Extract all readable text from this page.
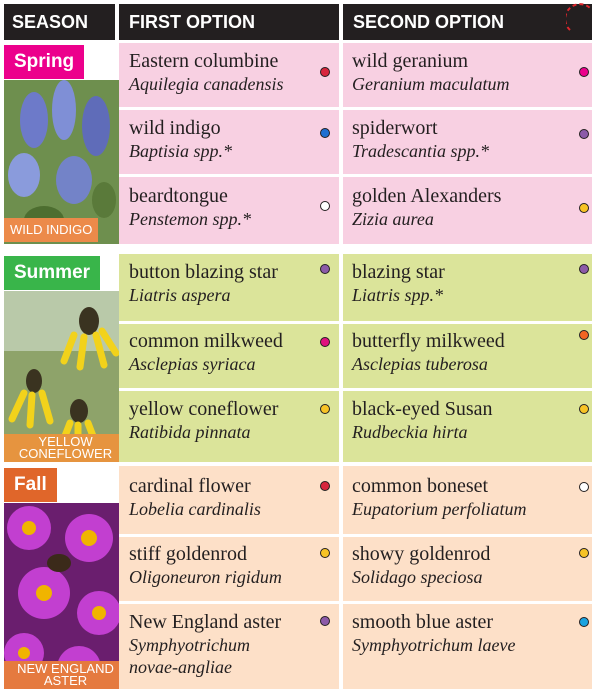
SEASON	FIRST OPTION	SECOND OPTION
Spring
WILD INDIGO
Summer
YELLOW CONEFLOWER
Fall
NEW ENGLAND ASTER
Eastern columbine
Aquilegia canadensis
wild geranium
Geranium maculatum
wild indigo
Baptisia spp.*
spiderwort
Tradescantia spp.*
beardtongue
Penstemon spp.*
golden Alexanders
Zizia aurea
button blazing star
Liatris aspera
blazing star
Liatris spp.*
common milkweed
Asclepias syriaca
butterfly milkweed
Asclepias tuberosa
yellow coneflower
Ratibida pinnata
black-eyed Susan
Rudbeckia hirta
cardinal flower
Lobelia cardinalis
common boneset
Eupatorium perfoliatum
stiff goldenrod
Oligoneuron rigidum
showy goldenrod
Solidago speciosa
New England aster
Symphyotrichum
novae-angliae
smooth blue aster
Symphyotrichum laeve
